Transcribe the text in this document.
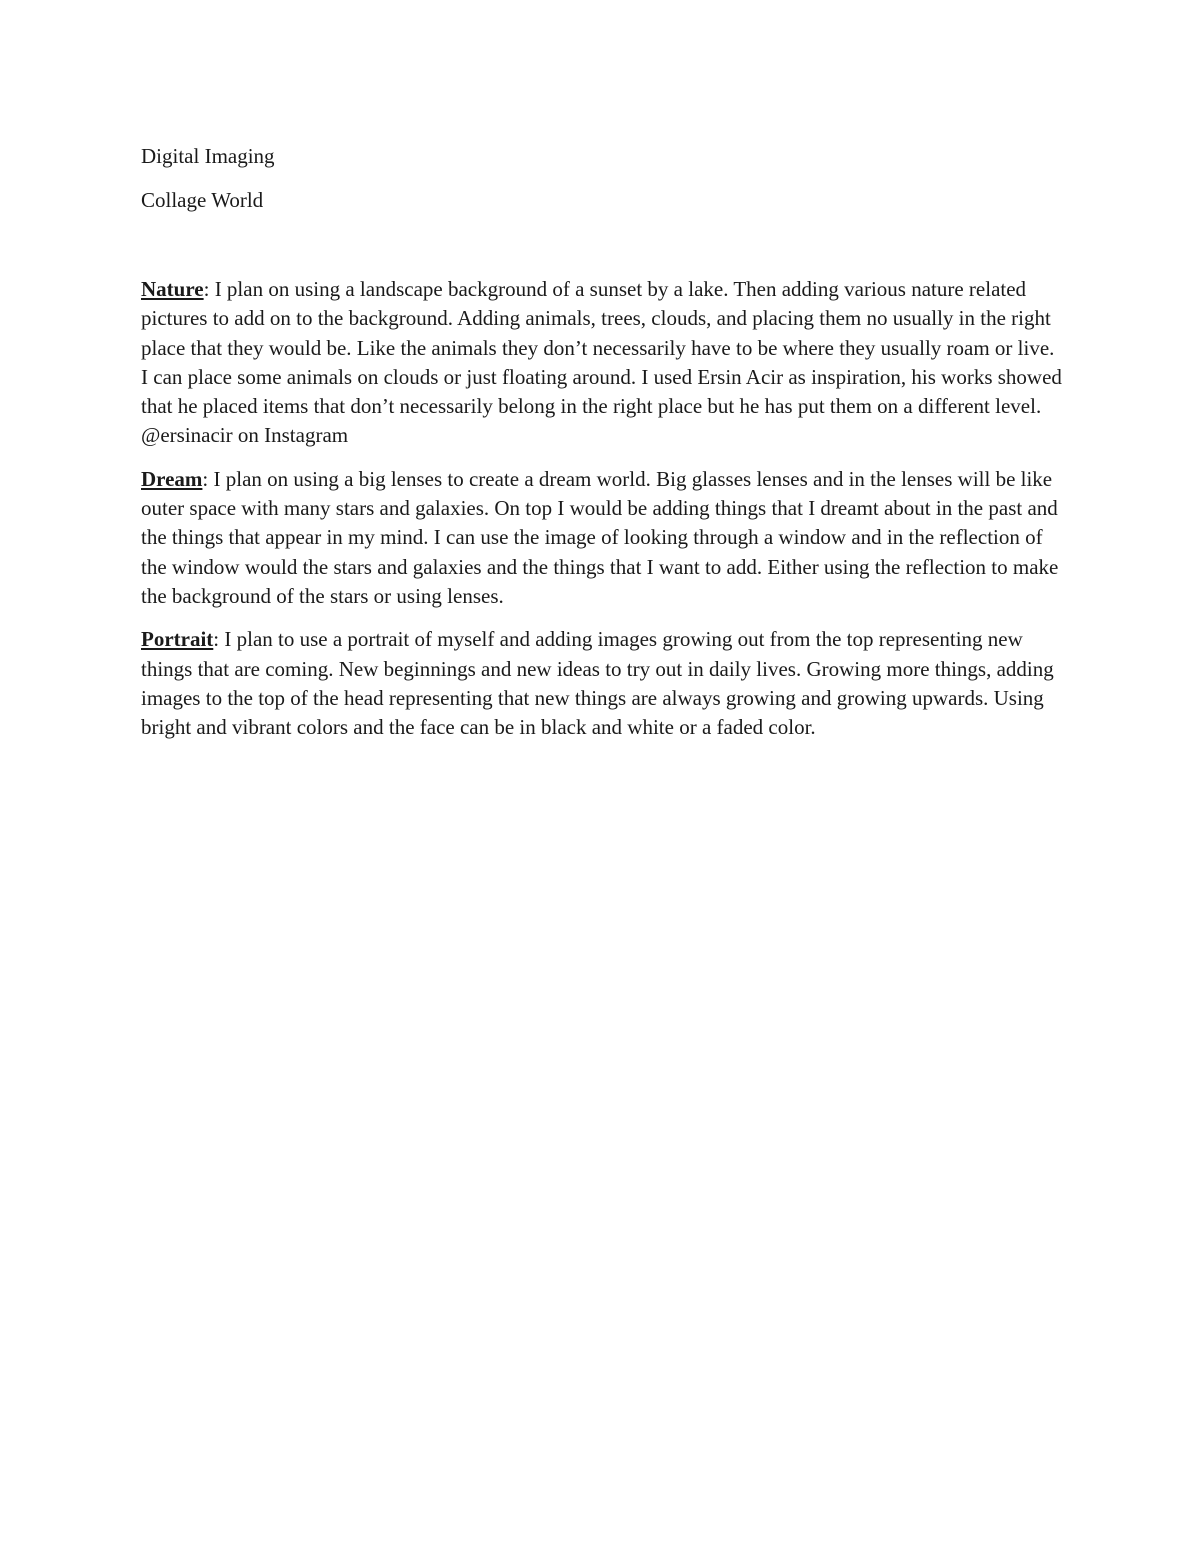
Digital Imaging

Collage World

Nature: I plan on using a landscape background of a sunset by a lake. Then adding various nature related pictures to add on to the background. Adding animals, trees, clouds, and placing them no usually in the right place that they would be. Like the animals they don’t necessarily have to be where they usually roam or live. I can place some animals on clouds or just floating around. I used Ersin Acir as inspiration, his works showed that he placed items that don’t necessarily belong in the right place but he has put them on a different level. @ersinacir on Instagram

Dream: I plan on using a big lenses to create a dream world. Big glasses lenses and in the lenses will be like outer space with many stars and galaxies. On top I would be adding things that I dreamt about in the past and the things that appear in my mind. I can use the image of looking through a window and in the reflection of the window would the stars and galaxies and the things that I want to add. Either using the reflection to make the background of the stars or using lenses.

Portrait: I plan to use a portrait of myself and adding images growing out from the top representing new things that are coming. New beginnings and new ideas to try out in daily lives. Growing more things, adding images to the top of the head representing that new things are always growing and growing upwards. Using bright and vibrant colors and the face can be in black and white or a faded color.
